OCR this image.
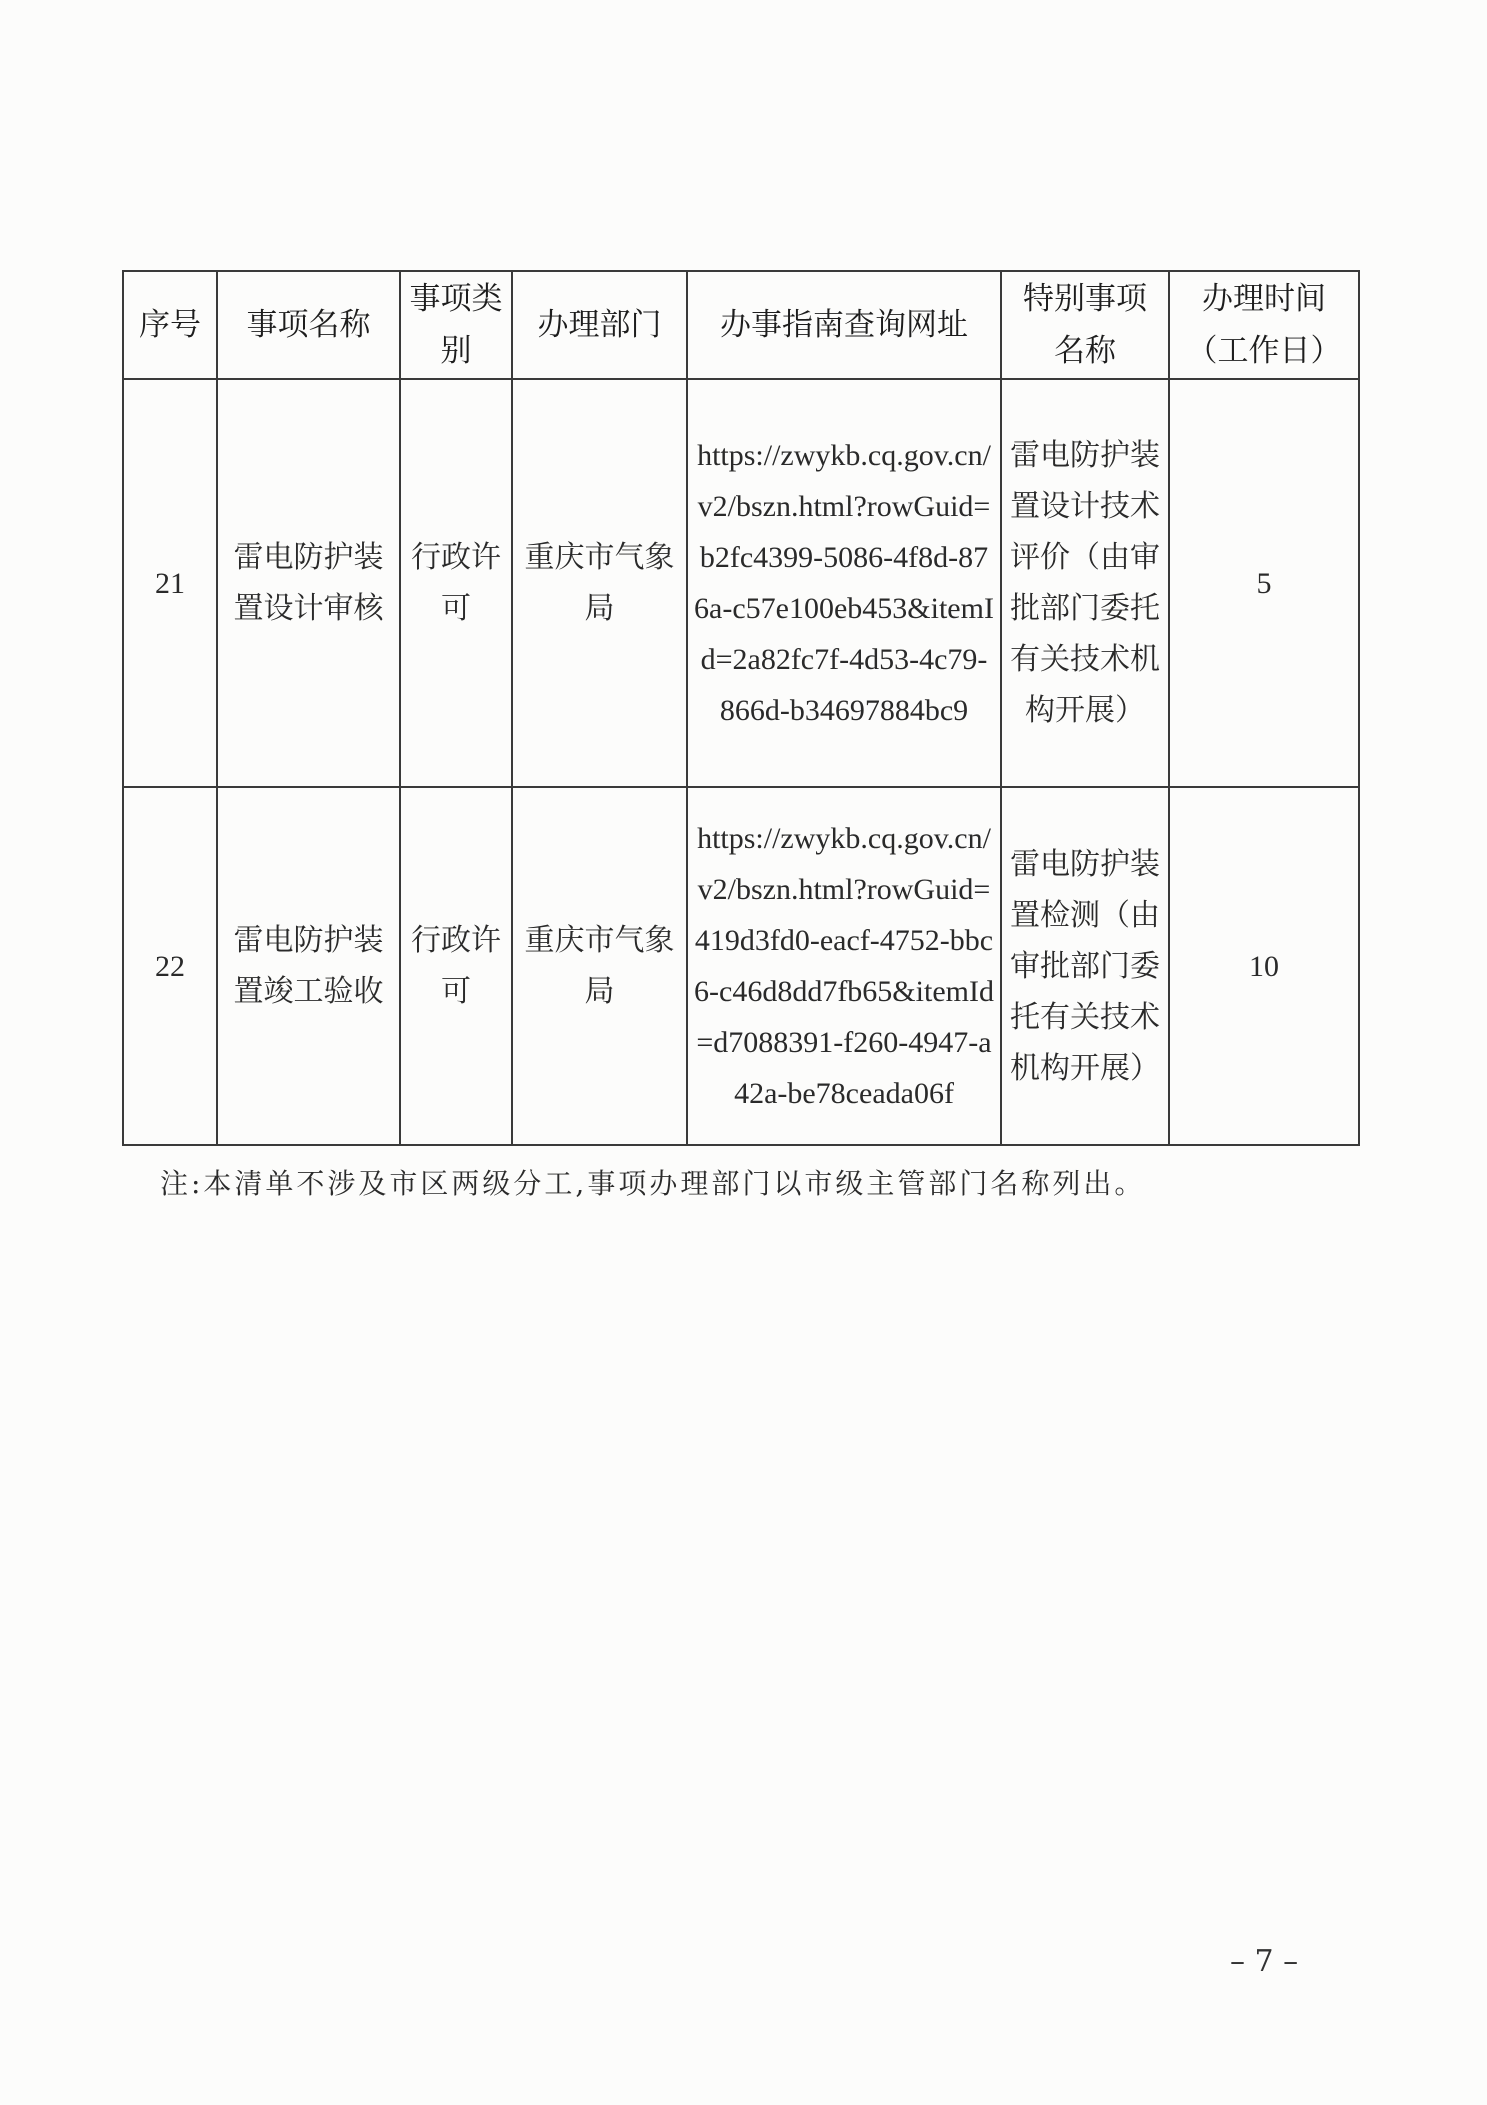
序号	事项名称	事项类别	办理部门	办事指南查询网址	特别事项名称	办理时间（工作日）
21	雷电防护装置设计审核	行政许可	重庆市气象局	https://zwykb.cq.gov.cn/v2/bszn.html?rowGuid=b2fc4399-5086-4f8d-876a-c57e100eb453&itemId=2a82fc7f-4d53-4c79-866d-b34697884bc9	雷电防护装置设计技术评价（由审批部门委托有关技术机构开展）	5
22	雷电防护装置竣工验收	行政许可	重庆市气象局	https://zwykb.cq.gov.cn/v2/bszn.html?rowGuid=419d3fd0-eacf-4752-bbc6-c46d8dd7fb65&itemId=d7088391-f260-4947-a42a-be78ceada06f	雷电防护装置检测（由审批部门委托有关技术机构开展）	10
注:本清单不涉及市区两级分工,事项办理部门以市级主管部门名称列出。
– 7 –
